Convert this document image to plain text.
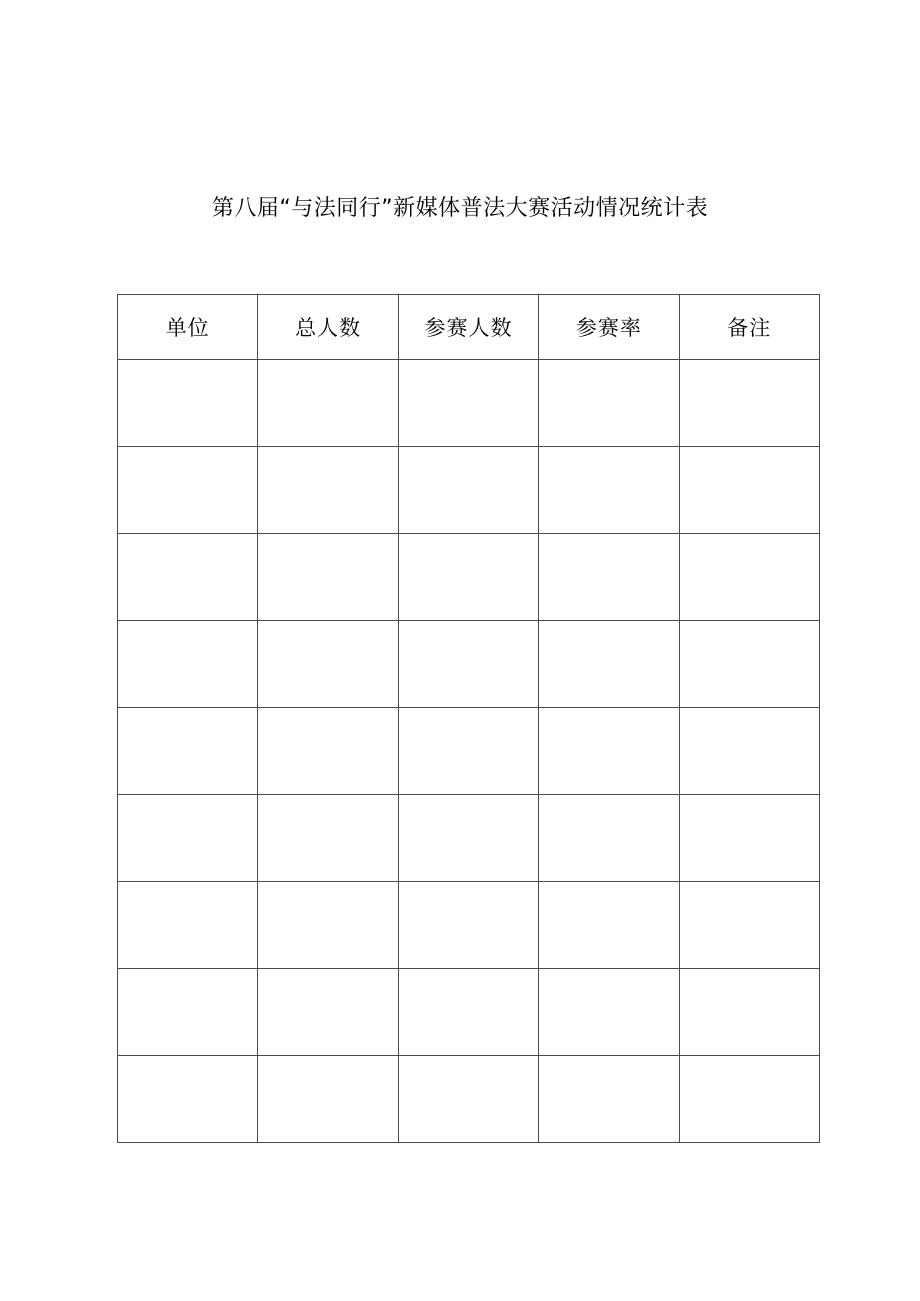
第八届“与法同行”新媒体普法大赛活动情况统计表
单位	总人数	参赛人数	参赛率	备注
